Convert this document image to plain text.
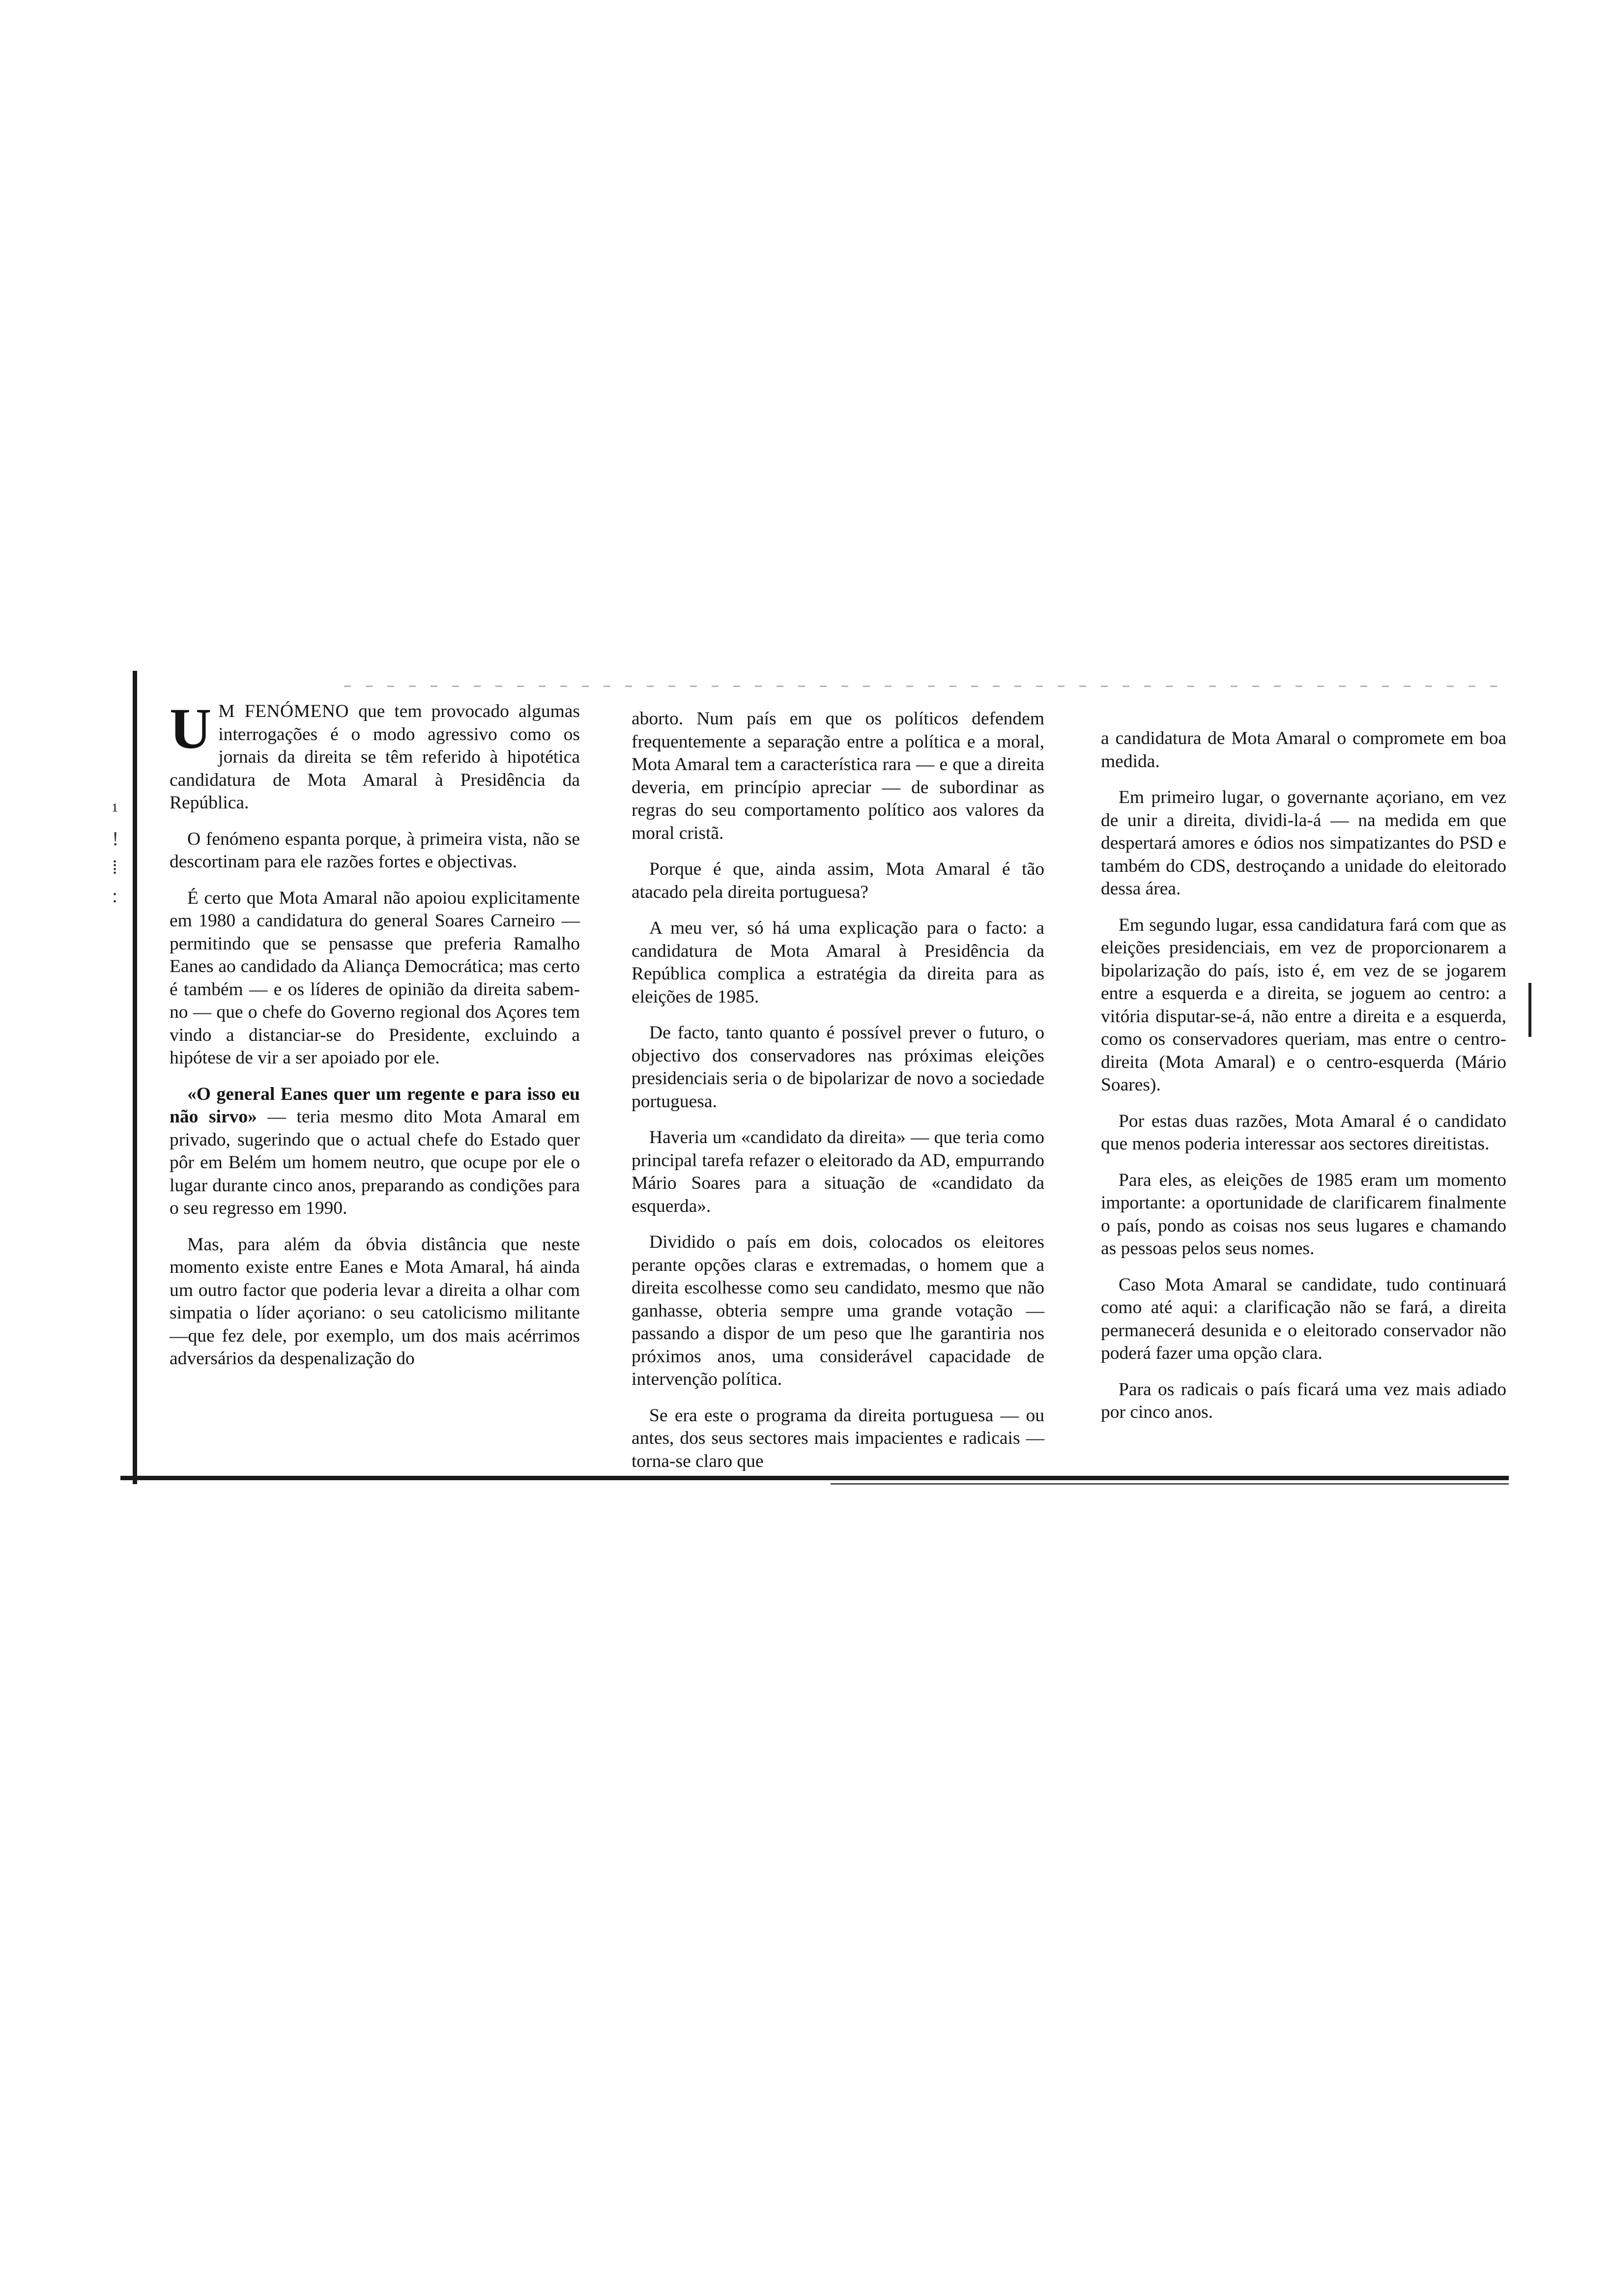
¹
!
⁞
:

U M FENÓMENO que tem provocado algumas interrogações é o modo agressivo como os jornais da direita se têm referido à hipotética candidatura de Mota Amaral à Presidência da República.

O fenómeno espanta porque, à primeira vista, não se descortinam para ele razões fortes e objectivas.

É certo que Mota Amaral não apoiou explicitamente em 1980 a candidatura do general Soares Carneiro — permitindo que se pensasse que preferia Ramalho Eanes ao candidado da Aliança Democrática; mas certo é também — e os líderes de opinião da direita sabem-no — que o chefe do Governo regional dos Açores tem vindo a distanciar-se do Presidente, excluindo a hipótese de vir a ser apoiado por ele.

«O general Eanes quer um regente e para isso eu não sirvo» — teria mesmo dito Mota Amaral em privado, sugerindo que o actual chefe do Estado quer pôr em Belém um homem neutro, que ocupe por ele o lugar durante cinco anos, preparando as condições para o seu regresso em 1990.

Mas, para além da óbvia distância que neste momento existe entre Eanes e Mota Amaral, há ainda um outro factor que poderia levar a direita a olhar com simpatia o líder açoriano: o seu catolicismo militante —que fez dele, por exemplo, um dos mais acérrimos adversários da despenalização do

aborto. Num país em que os políticos defendem frequentemente a separação entre a política e a moral, Mota Amaral tem a característica rara — e que a direita deveria, em princípio apreciar — de subordinar as regras do seu comportamento político aos valores da moral cristã.

Porque é que, ainda assim, Mota Amaral é tão atacado pela direita portuguesa?

A meu ver, só há uma explicação para o facto: a candidatura de Mota Amaral à Presidência da República complica a estratégia da direita para as eleições de 1985.

De facto, tanto quanto é possível prever o futuro, o objectivo dos conservadores nas próximas eleições presidenciais seria o de bipolarizar de novo a sociedade portuguesa.

Haveria um «candidato da direita» — que teria como principal tarefa refazer o eleitorado da AD, empurrando Mário Soares para a situação de «candidato da esquerda».

Dividido o país em dois, colocados os eleitores perante opções claras e extremadas, o homem que a direita escolhesse como seu candidato, mesmo que não ganhasse, obteria sempre uma grande votação — passando a dispor de um peso que lhe garantiria nos próximos anos, uma considerável capacidade de intervenção política.

Se era este o programa da direita portuguesa — ou antes, dos seus sectores mais impacientes e radicais — torna-se claro que

a candidatura de Mota Amaral o compromete em boa medida.

Em primeiro lugar, o governante açoriano, em vez de unir a direita, dividi-la-á — na medida em que despertará amores e ódios nos simpatizantes do PSD e também do CDS, destroçando a unidade do eleitorado dessa área.

Em segundo lugar, essa candidatura fará com que as eleições presidenciais, em vez de proporcionarem a bipolarização do país, isto é, em vez de se jogarem entre a esquerda e a direita, se joguem ao centro: a vitória disputar-se-á, não entre a direita e a esquerda, como os conservadores queriam, mas entre o centro-direita (Mota Amaral) e o centro-esquerda (Mário Soares).

Por estas duas razões, Mota Amaral é o candidato que menos poderia interessar aos sectores direitistas.

Para eles, as eleições de 1985 eram um momento importante: a oportunidade de clarificarem finalmente o país, pondo as coisas nos seus lugares e chamando as pessoas pelos seus nomes.

Caso Mota Amaral se candidate, tudo continuará como até aqui: a clarificação não se fará, a direita permanecerá desunida e o eleitorado conservador não poderá fazer uma opção clara.

Para os radicais o país ficará uma vez mais adiado por cinco anos.
